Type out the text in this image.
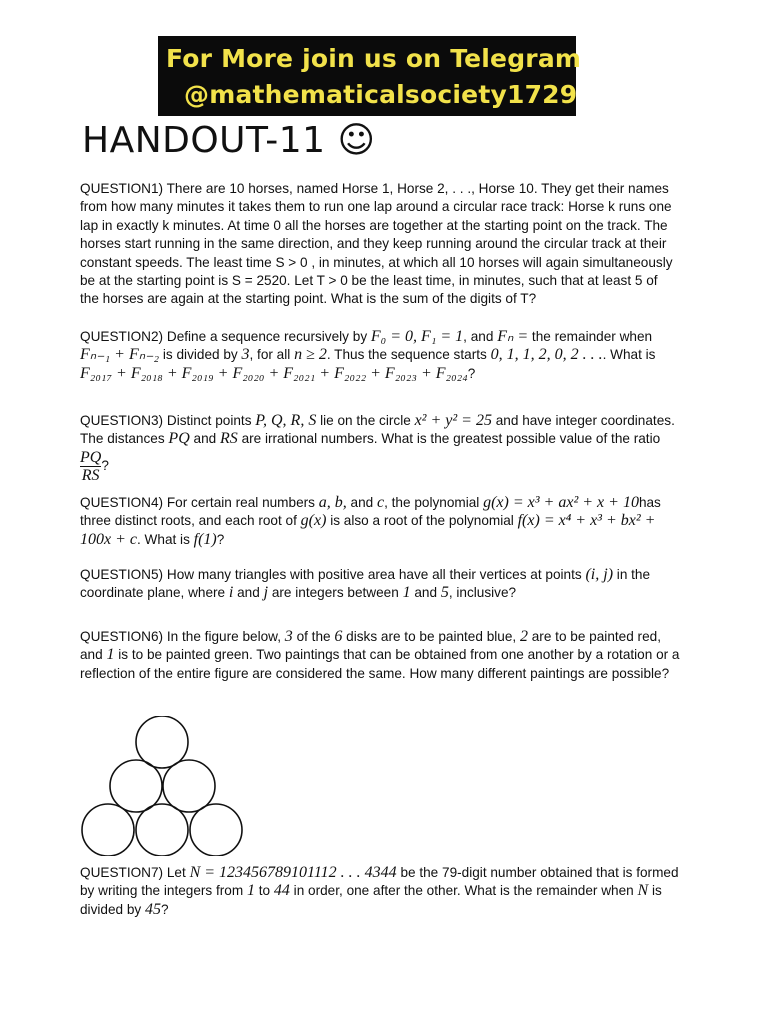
For More join us on Telegram
@mathematicalsociety1729
HANDOUT-11 ☺

QUESTION1) There are 10 horses, named Horse 1, Horse 2, . . ., Horse 10. They get their names from how many minutes it takes them to run one lap around a circular race track: Horse k runs one lap in exactly k minutes. At time 0 all the horses are together at the starting point on the track. The horses start running in the same direction, and they keep running around the circular track at their constant speeds. The least time S > 0 , in minutes, at which all 10 horses will again simultaneously be at the starting point is S = 2520. Let T > 0 be the least time, in minutes, such that at least 5 of the horses are again at the starting point. What is the sum of the digits of T?

QUESTION2) Define a sequence recursively by F₀ = 0, F₁ = 1, and Fₙ = the remainder when Fₙ₋₁ + Fₙ₋₂ is divided by 3, for all n ≥ 2. Thus the sequence starts 0, 1, 1, 2, 0, 2 . . .. What is F₂₀₁₇ + F₂₀₁₈ + F₂₀₁₉ + F₂₀₂₀ + F₂₀₂₁ + F₂₀₂₂ + F₂₀₂₃ + F₂₀₂₄?

QUESTION3) Distinct points P, Q, R, S lie on the circle x² + y² = 25 and have integer coordinates. The distances PQ and RS are irrational numbers. What is the greatest possible value of the ratio
$\frac{PQ}{RS}$ ?

QUESTION4) For certain real numbers a, b, and c, the polynomial g(x) = x³ + ax² + x + 10has three distinct roots, and each root of g(x) is also a root of the polynomial f(x) = x⁴ + x³ + bx² + 100x + c. What is f(1)?

QUESTION5) How many triangles with positive area have all their vertices at points (i, j) in the coordinate plane, where i and j are integers between 1 and 5, inclusive?

QUESTION6) In the figure below, 3 of the 6 disks are to be painted blue, 2 are to be painted red, and 1 is to be painted green. Two paintings that can be obtained from one another by a rotation or a reflection of the entire figure are considered the same. How many different paintings are possible?

QUESTION7) Let N = 123456789101112 . . . 4344 be the 79-digit number obtained that is formed by writing the integers from 1 to 44 in order, one after the other. What is the remainder when N is divided by 45?
